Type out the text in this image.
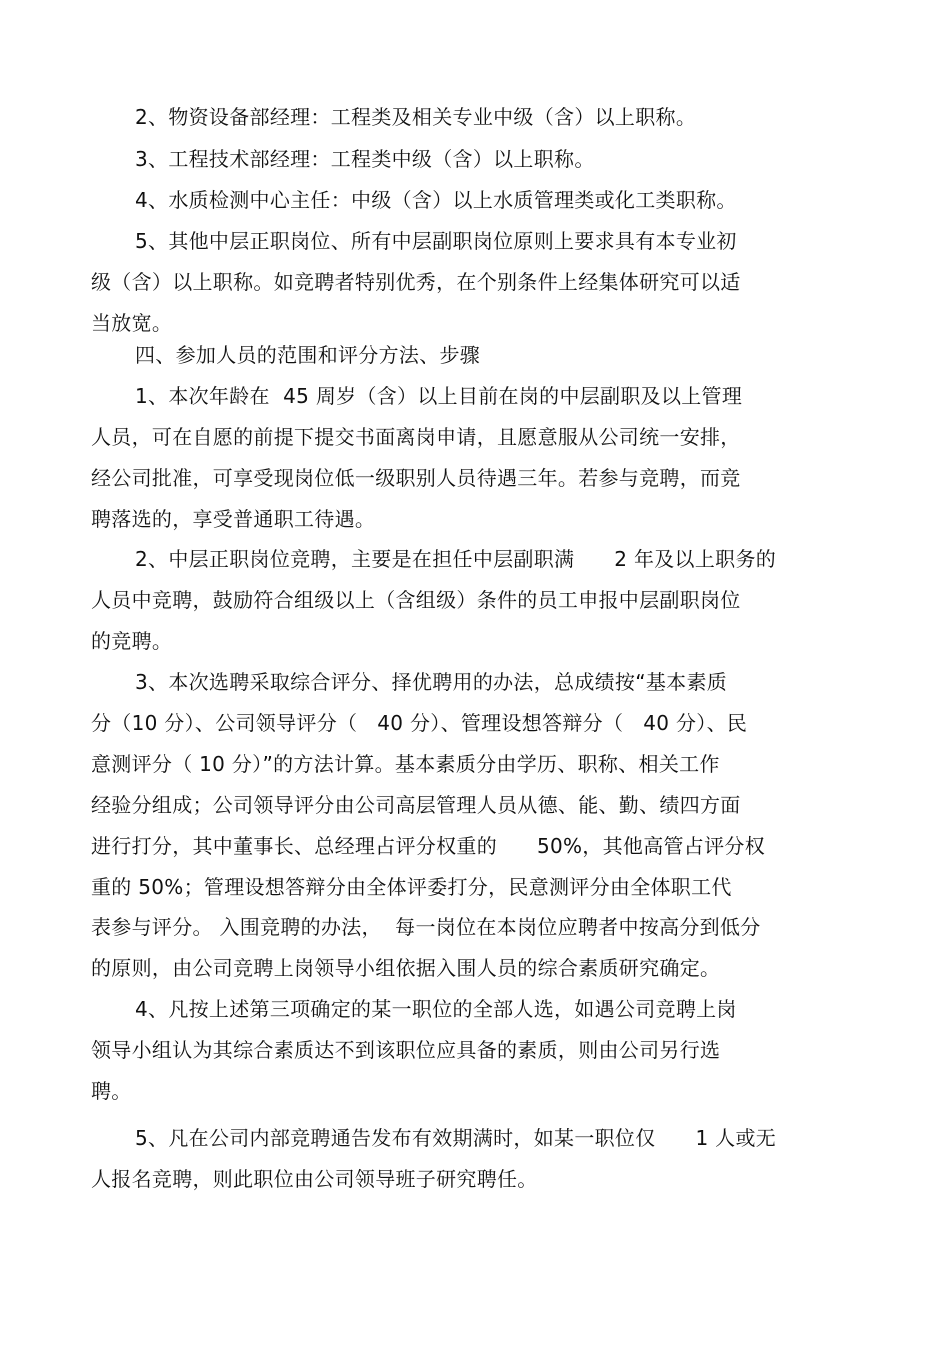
2、物资设备部经理：工程类及相关专业中级（含）以上职称。
3、工程技术部经理：工程类中级（含）以上职称。
4、水质检测中心主任：中级（含）以上水质管理类或化工类职称。
5、其他中层正职岗位、所有中层副职岗位原则上要求具有本专业初
级（含）以上职称。如竞聘者特别优秀，在个别条件上经集体研究可以适
当放宽。
四、参加人员的范围和评分方法、步骤
1、本次年龄在  45 周岁（含）以上目前在岗的中层副职及以上管理
人员，可在自愿的前提下提交书面离岗申请，且愿意服从公司统一安排，
经公司批准，可享受现岗位低一级职别人员待遇三年。若参与竞聘，而竞
聘落选的，享受普通职工待遇。
2、中层正职岗位竞聘，主要是在担任中层副职满      2 年及以上职务的
人员中竞聘，鼓励符合组级以上（含组级）条件的员工申报中层副职岗位
的竞聘。
3、本次选聘采取综合评分、择优聘用的办法，总成绩按“基本素质
分（10 分）、公司领导评分（   40 分）、管理设想答辩分（   40 分）、民
意测评分（ 10 分）”的方法计算。基本素质分由学历、职称、相关工作
经验分组成；公司领导评分由公司高层管理人员从德、能、勤、绩四方面
进行打分，其中董事长、总经理占评分权重的      50%，其他高管占评分权
重的 50%；管理设想答辩分由全体评委打分，民意测评分由全体职工代
表参与评分。 入围竞聘的办法，  每一岗位在本岗位应聘者中按高分到低分
的原则，由公司竞聘上岗领导小组依据入围人员的综合素质研究确定。
4、凡按上述第三项确定的某一职位的全部人选，如遇公司竞聘上岗
领导小组认为其综合素质达不到该职位应具备的素质，则由公司另行选
聘。
5、凡在公司内部竞聘通告发布有效期满时，如某一职位仅      1 人或无
人报名竞聘，则此职位由公司领导班子研究聘任。
